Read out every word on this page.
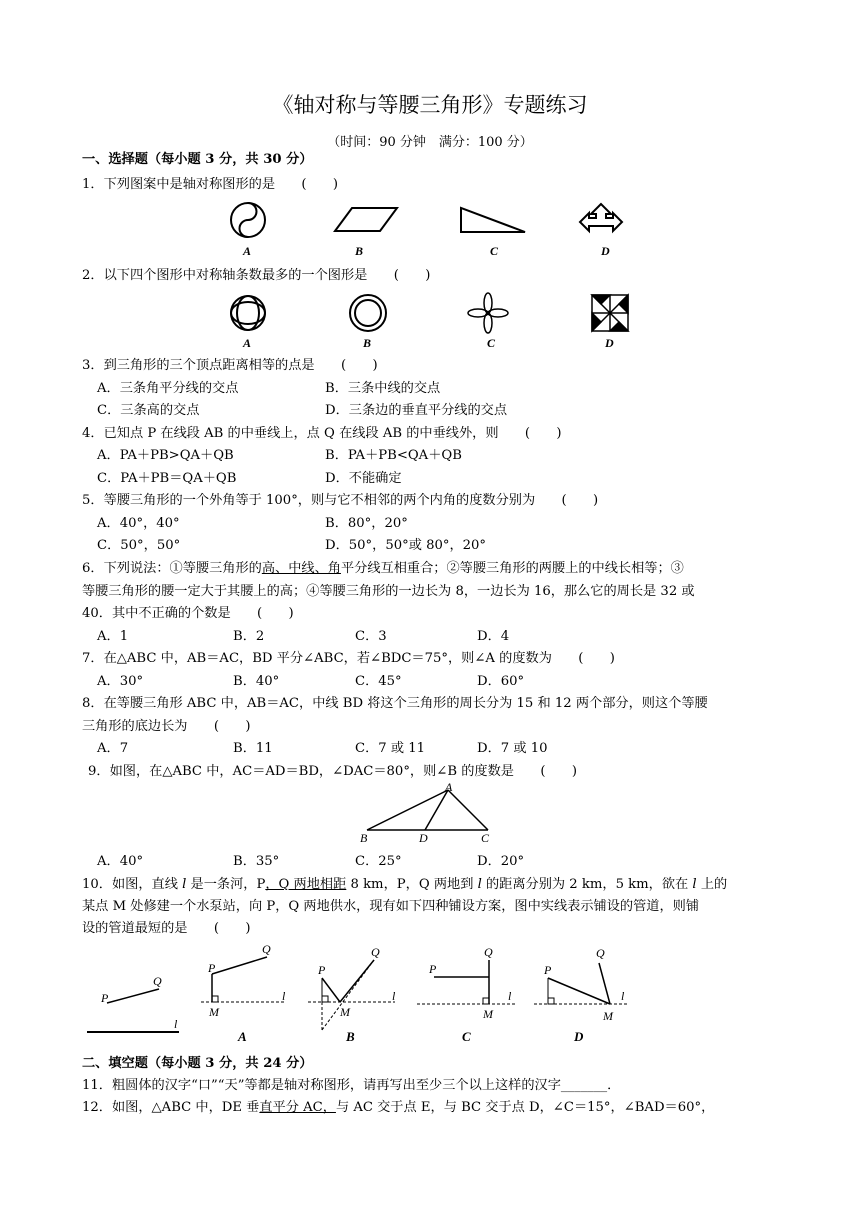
《轴对称与等腰三角形》专题练习
（时间：90 分钟　满分：100 分）
一、选择题（每小题 3 分，共 30 分）
1．下列图案中是轴对称图形的是　　(　　)
A	B	C	D
2．以下四个图形中对称轴条数最多的一个图形是　　(　　)
A	B	C	D
3．到三角形的三个顶点距离相等的点是　　(　　)
A．三条角平分线的交点	B．三条中线的交点
C．三条高的交点	D．三条边的垂直平分线的交点
4．已知点 P 在线段 AB 的中垂线上，点 Q 在线段 AB 的中垂线外，则　　(　　)
A．PA＋PB>QA＋QB	B．PA＋PB<QA＋QB
C．PA＋PB＝QA＋QB	D．不能确定
5．等腰三角形的一个外角等于 100°，则与它不相邻的两个内角的度数分别为　　(　　)
A．40°，40°	B．80°，20°
C．50°，50°	D．50°，50°或 80°，20°
6．下列说法：①等腰三角形的高、中线、角平分线互相重合；②等腰三角形的两腰上的中线长相等；③
等腰三角形的腰一定大于其腰上的高；④等腰三角形的一边长为 8，一边长为 16，那么它的周长是 32 或
40．其中不正确的个数是　　(　　)
A．1	B．2	C．3	D．4
7．在△ABC 中，AB＝AC，BD 平分∠ABC，若∠BDC＝75°，则∠A 的度数为　　(　　)
A．30°	B．40°	C．45°	D．60°
8．在等腰三角形 ABC 中，AB＝AC，中线 BD 将这个三角形的周长分为 15 和 12 两个部分，则这个等腰
三角形的底边长为　　(　　)
A．7	B．11	C．7 或 11	D．7 或 10
9．如图，在△ABC 中，AC＝AD＝BD，∠DAC＝80°，则∠B 的度数是　　(　　)
A
B	D	C
A．40°	B．35°	C．25°	D．20°
10．如图，直线 l 是一条河，P，Q 两地相距 8 km，P，Q 两地到 l 的距离分别为 2 km，5 km，欲在 l 上的
某点 M 处修建一个水泵站，向 P，Q 两地供水，现有如下四种铺设方案，图中实线表示铺设的管道，则铺
设的管道最短的是　　(　　)
P
Q
l
P
Q
M
l
A
P
Q
M
l
B
P
Q
M
l
C
P
Q
M
l
D
二、填空题（每小题 3 分，共 24 分）
11．粗圆体的汉字“口”“天”等都是轴对称图形，请再写出至少三个以上这样的汉字_______．
12．如图，△ABC 中，DE 垂直平分 AC，与 AC 交于点 E，与 BC 交于点 D，∠C＝15°，∠BAD＝60°，
